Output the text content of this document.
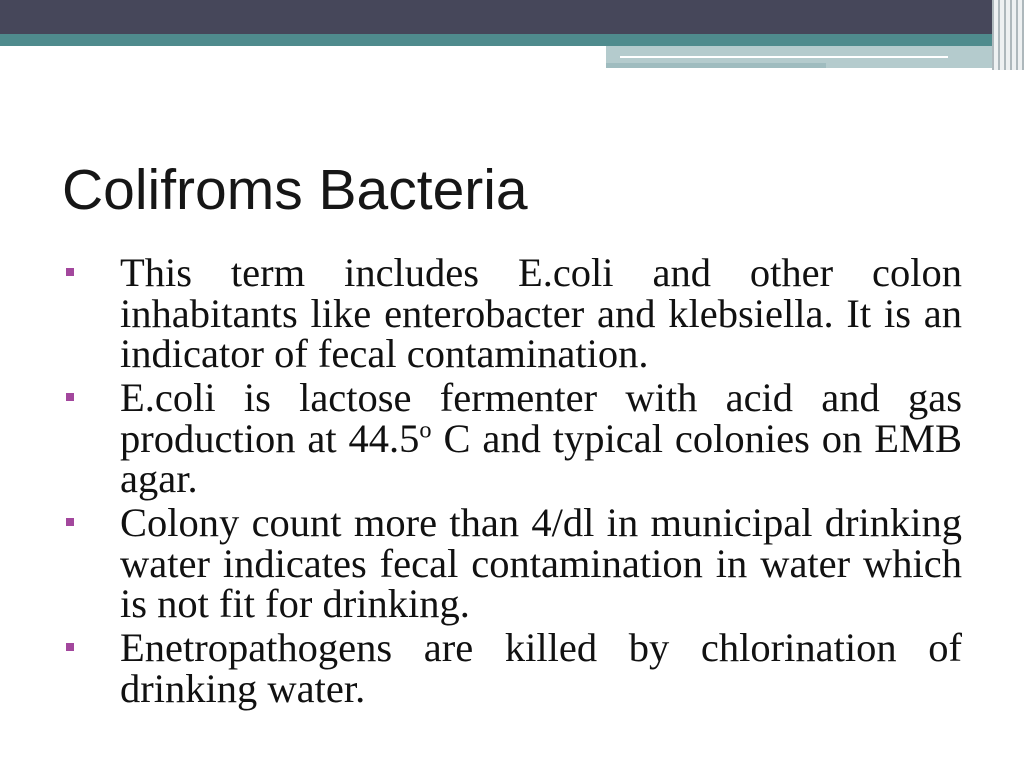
Colifroms Bacteria
This term includes E.coli and other colon inhabitants like enterobacter and klebsiella. It is an indicator of fecal contamination.
E.coli is lactose fermenter with acid and gas production at 44.5$^o$ C and typical colonies on EMB agar.
Colony count more than 4/dl in municipal drinking water indicates fecal contamination in water which is not fit for drinking.
Enetropathogens are killed by chlorination of drinking water.
